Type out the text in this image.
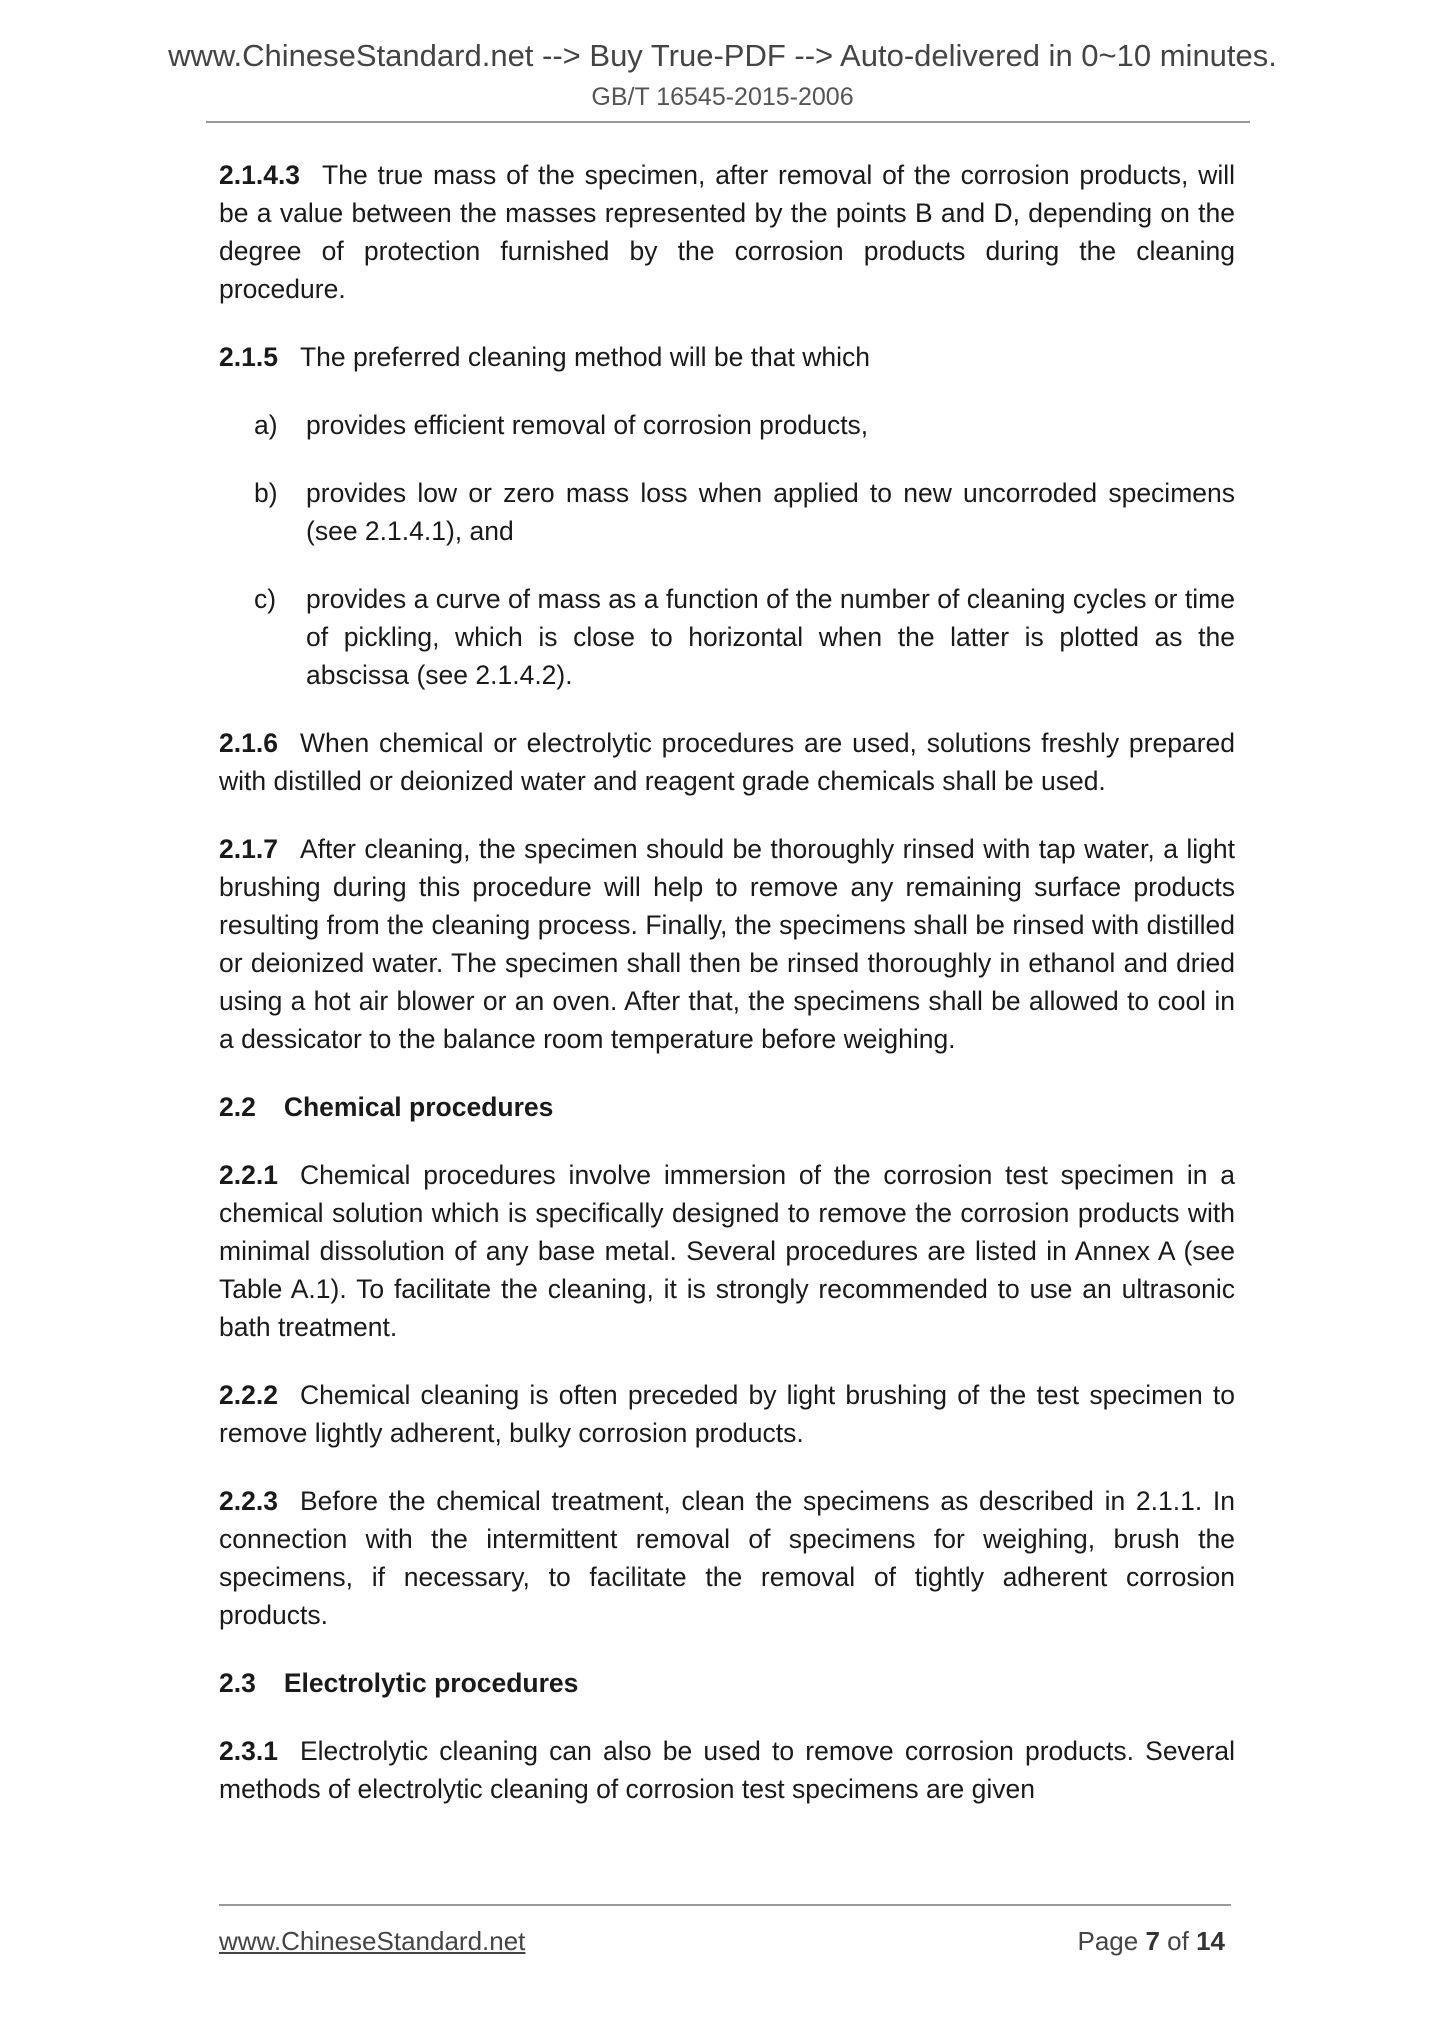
www.ChineseStandard.net --> Buy True-PDF --> Auto-delivered in 0~10 minutes.
GB/T 16545-2015-2006

2.1.4.3 The true mass of the specimen, after removal of the corrosion products, will be a value between the masses represented by the points B and D, depending on the degree of protection furnished by the corrosion products during the cleaning procedure.

2.1.5 The preferred cleaning method will be that which

a) provides efficient removal of corrosion products,

b) provides low or zero mass loss when applied to new uncorroded specimens (see 2.1.4.1), and

c) provides a curve of mass as a function of the number of cleaning cycles or time of pickling, which is close to horizontal when the latter is plotted as the abscissa (see 2.1.4.2).

2.1.6 When chemical or electrolytic procedures are used, solutions freshly prepared with distilled or deionized water and reagent grade chemicals shall be used.

2.1.7 After cleaning, the specimen should be thoroughly rinsed with tap water, a light brushing during this procedure will help to remove any remaining surface products resulting from the cleaning process. Finally, the specimens shall be rinsed with distilled or deionized water. The specimen shall then be rinsed thoroughly in ethanol and dried using a hot air blower or an oven. After that, the specimens shall be allowed to cool in a dessicator to the balance room temperature before weighing.

2.2 Chemical procedures

2.2.1 Chemical procedures involve immersion of the corrosion test specimen in a chemical solution which is specifically designed to remove the corrosion products with minimal dissolution of any base metal. Several procedures are listed in Annex A (see Table A.1). To facilitate the cleaning, it is strongly recommended to use an ultrasonic bath treatment.

2.2.2 Chemical cleaning is often preceded by light brushing of the test specimen to remove lightly adherent, bulky corrosion products.

2.2.3 Before the chemical treatment, clean the specimens as described in 2.1.1. In connection with the intermittent removal of specimens for weighing, brush the specimens, if necessary, to facilitate the removal of tightly adherent corrosion products.

2.3 Electrolytic procedures

2.3.1 Electrolytic cleaning can also be used to remove corrosion products. Several methods of electrolytic cleaning of corrosion test specimens are given

www.ChineseStandard.net	Page 7 of 14
